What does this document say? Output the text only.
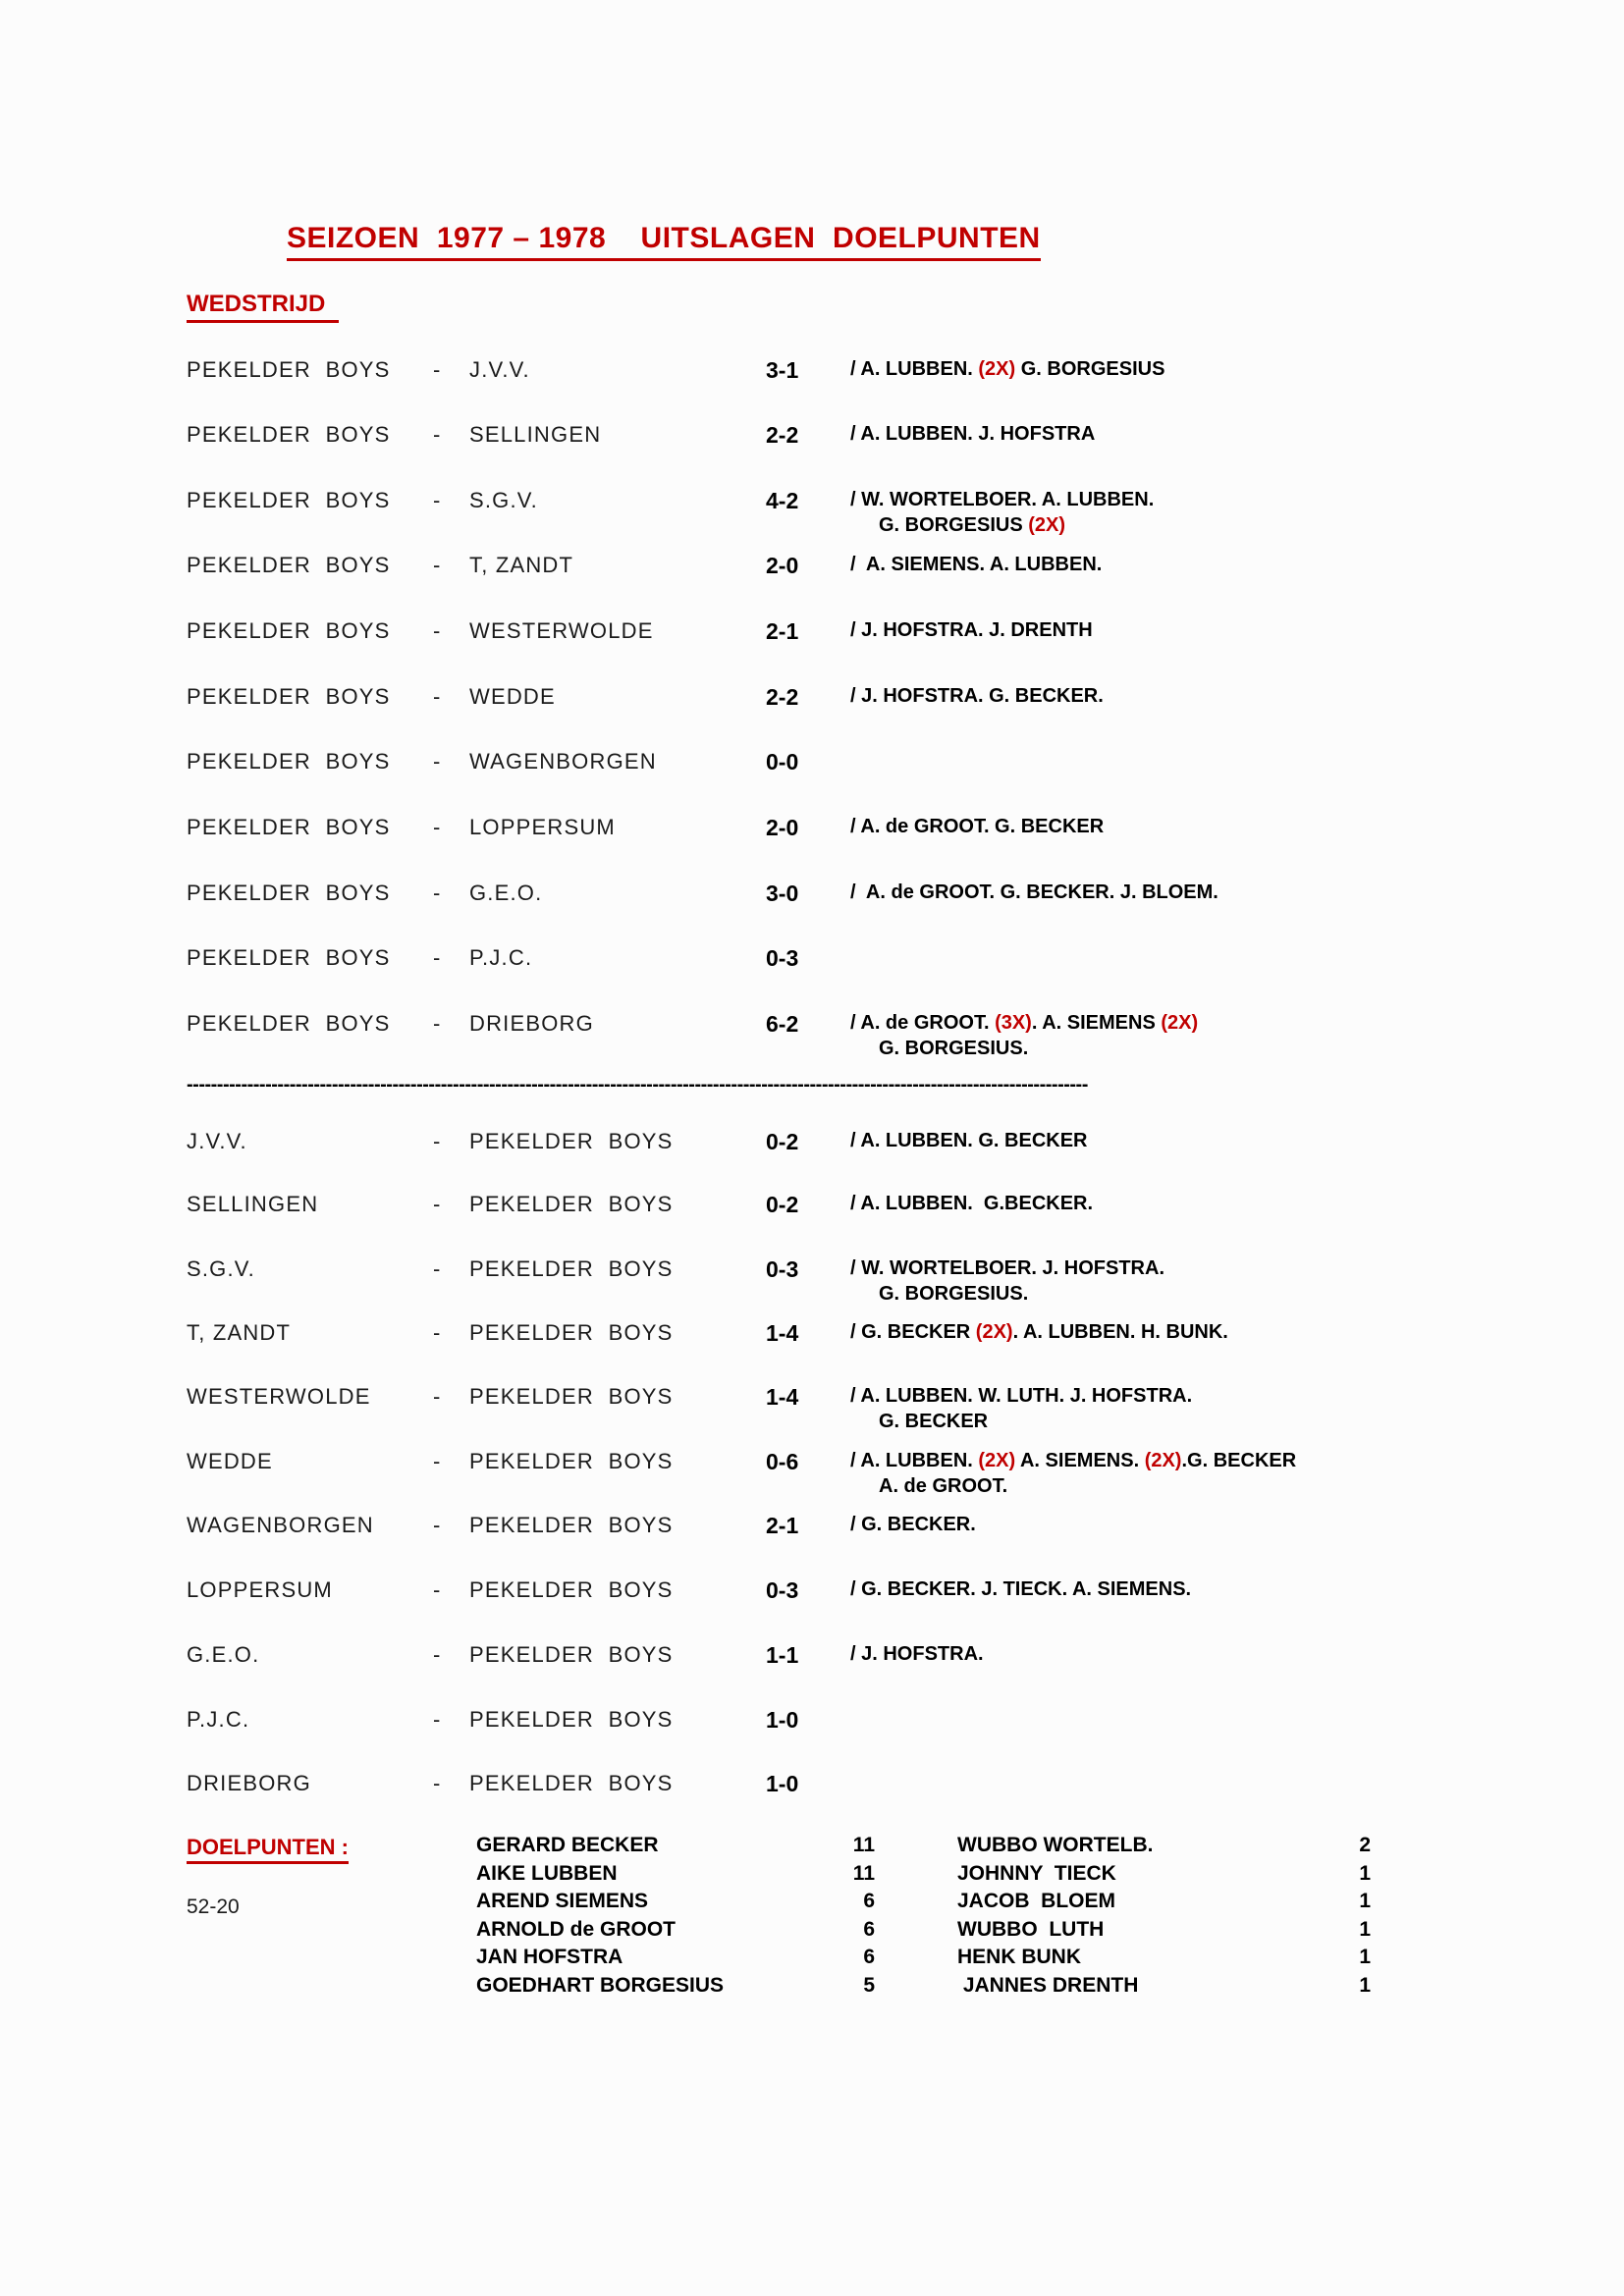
SEIZOEN  1977 – 1978    UITSLAGEN  DOELPUNTEN
WEDSTRIJD
PEKELDER  BOYS - J.V.V.	3-1	/ A. LUBBEN. (2X) G. BORGESIUS
PEKELDER  BOYS - SELLINGEN	2-2	/ A. LUBBEN. J. HOFSTRA
PEKELDER  BOYS - S.G.V.	4-2	/ W. WORTELBOER. A. LUBBEN.
G. BORGESIUS (2X)
PEKELDER  BOYS - T, ZANDT	2-0	/  A. SIEMENS. A. LUBBEN.
PEKELDER  BOYS - WESTERWOLDE	2-1	/ J. HOFSTRA. J. DRENTH
PEKELDER  BOYS - WEDDE	2-2	/ J. HOFSTRA. G. BECKER.
PEKELDER  BOYS - WAGENBORGEN	0-0
PEKELDER  BOYS - LOPPERSUM	2-0	/ A. de GROOT. G. BECKER
PEKELDER  BOYS - G.E.O.	3-0	/  A. de GROOT. G. BECKER. J. BLOEM.
PEKELDER  BOYS - P.J.C.	0-3
PEKELDER  BOYS - DRIEBORG	6-2	/ A. de GROOT. (3X). A. SIEMENS (2X)
G. BORGESIUS.
-----------------------------------------------------------------------------------------------------------------------------------------------------
J.V.V.	- PEKELDER  BOYS	0-2	/ A. LUBBEN. G. BECKER
SELLINGEN	- PEKELDER  BOYS	0-2	/ A. LUBBEN.  G.BECKER.
S.G.V.	- PEKELDER  BOYS	0-3	/ W. WORTELBOER. J. HOFSTRA.
G. BORGESIUS.
T, ZANDT	- PEKELDER  BOYS	1-4	/ G. BECKER (2X). A. LUBBEN. H. BUNK.
WESTERWOLDE	- PEKELDER  BOYS	1-4	/ A. LUBBEN. W. LUTH. J. HOFSTRA.
G. BECKER
WEDDE	- PEKELDER  BOYS	0-6	/ A. LUBBEN. (2X) A. SIEMENS. (2X).G. BECKER
A. de GROOT.
WAGENBORGEN	- PEKELDER  BOYS	2-1	/ G. BECKER.
LOPPERSUM	- PEKELDER  BOYS	0-3	/ G. BECKER. J. TIECK. A. SIEMENS.
G.E.O.	- PEKELDER  BOYS	1-1	/ J. HOFSTRA.
P.J.C.	- PEKELDER  BOYS	1-0
DRIEBORG	- PEKELDER  BOYS	1-0
DOELPUNTEN :
52-20
GERARD BECKER	11	WUBBO WORTELB.	2
AIKE LUBBEN	11	JOHNNY  TIECK	1
AREND SIEMENS	6	JACOB  BLOEM	1
ARNOLD de GROOT	6	WUBBO  LUTH	1
JAN HOFSTRA	6	HENK BUNK	1
GOEDHART BORGESIUS	5	JANNES DRENTH	1
